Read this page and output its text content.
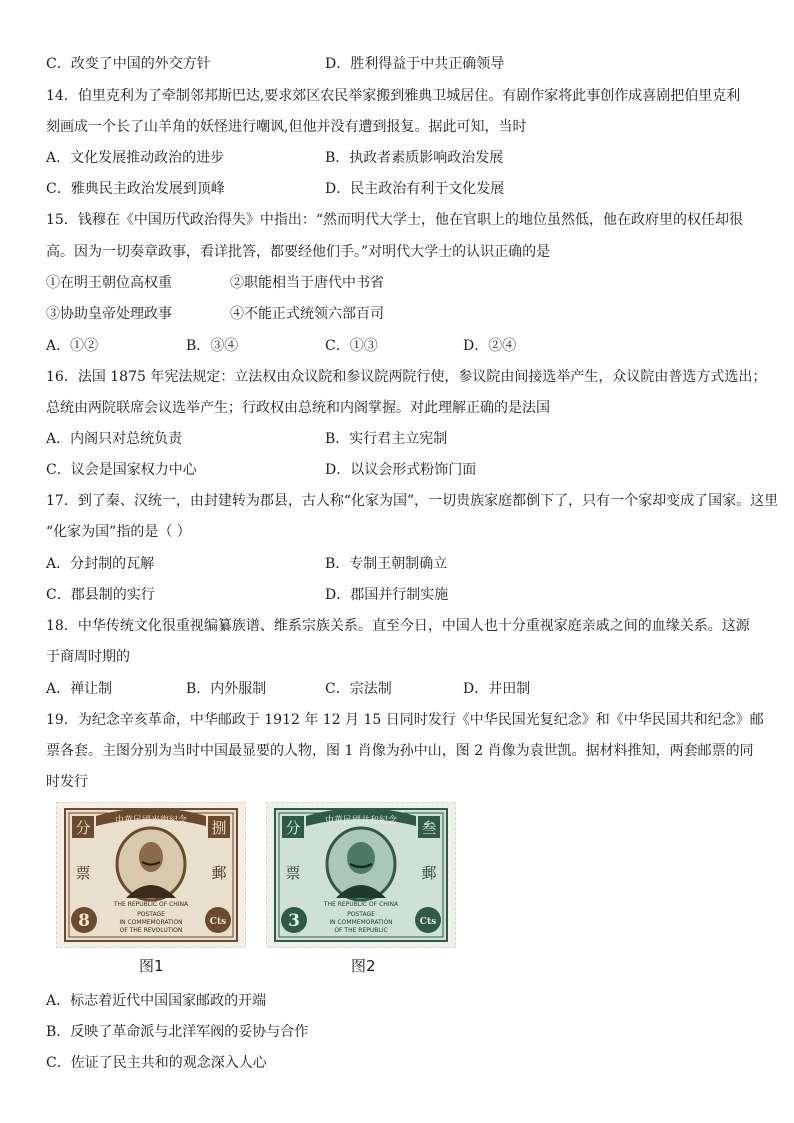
C．改变了中国的外交方针	D．胜利得益于中共正确领导
14．伯里克利为了牵制邻邦斯巴达,要求郊区农民举家搬到雅典卫城居住。有剧作家将此事创作成喜剧把伯里克利
刻画成一个长了山羊角的妖怪进行嘲讽,但他并没有遭到报复。据此可知，当时
A．文化发展推动政治的进步	B．执政者素质影响政治发展
C．雅典民主政治发展到顶峰	D．民主政治有利于文化发展
15．钱穆在《中国历代政治得失》中指出：“然而明代大学士，他在官职上的地位虽然低，他在政府里的权任却很
高。因为一切奏章政事，看详批答，都要经他们手。”对明代大学士的认识正确的是
①在明王朝位高权重	②职能相当于唐代中书省
③协助皇帝处理政事	④不能正式统领六部百司
A．①②	B．③④	C．①③	D．②④
16．法国 1875 年宪法规定：立法权由众议院和参议院两院行使，参议院由间接选举产生，众议院由普选方式选出；
总统由两院联席会议选举产生；行政权由总统和内阁掌握。对此理解正确的是法国
A．内阁只对总统负责	B．实行君主立宪制
C．议会是国家权力中心	D．以议会形式粉饰门面
17．到了秦、汉统一，由封建转为郡县，古人称“化家为国”，一切贵族家庭都倒下了，只有一个家却变成了国家。这里
“化家为国”指的是（ ）
A．分封制的瓦解	B．专制王朝制确立
C．郡县制的实行	D．郡国并行制实施
18．中华传统文化很重视编纂族谱、维系宗族关系。直至今日，中国人也十分重视家庭亲戚之间的血缘关系。这源
于商周时期的
A．禅让制	B．内外服制	C．宗法制	D．井田制
19．为纪念辛亥革命，中华邮政于 1912 年 12 月 15 日同时发行《中华民国光复纪念》和《中华民国共和纪念》邮
票各套。主图分别为当时中国最显要的人物，图 1 肖像为孙中山，图 2 肖像为袁世凯。据材料推知，两套邮票的同
时发行
中華民國光復紀念
分	捌
票	郵
THE REPUBLIC OF CHINA
POSTAGE
IN COMMEMORATION
OF THE REVOLUTION
8	Cts
图1
中華民國共和紀念
分	叁
票	郵
THE REPUBLIC OF CHINA
POSTAGE
IN COMMEMORATION
OF THE REPUBLIC
3	Cts
图2
A．标志着近代中国国家邮政的开端
B．反映了革命派与北洋军阀的妥协与合作
C．佐证了民主共和的观念深入人心
